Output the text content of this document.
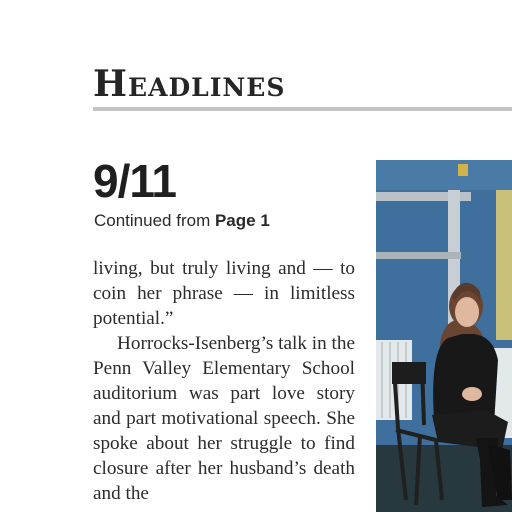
Headlines
9/11
Continued from Page 1

living, but truly living and — to coin her phrase — in limitless potential.”

Horrocks-Isenberg’s talk in the Penn Valley Elementary School auditorium was part love story and part motivational speech. She spoke about her struggle to find closure after her husband’s death and the
